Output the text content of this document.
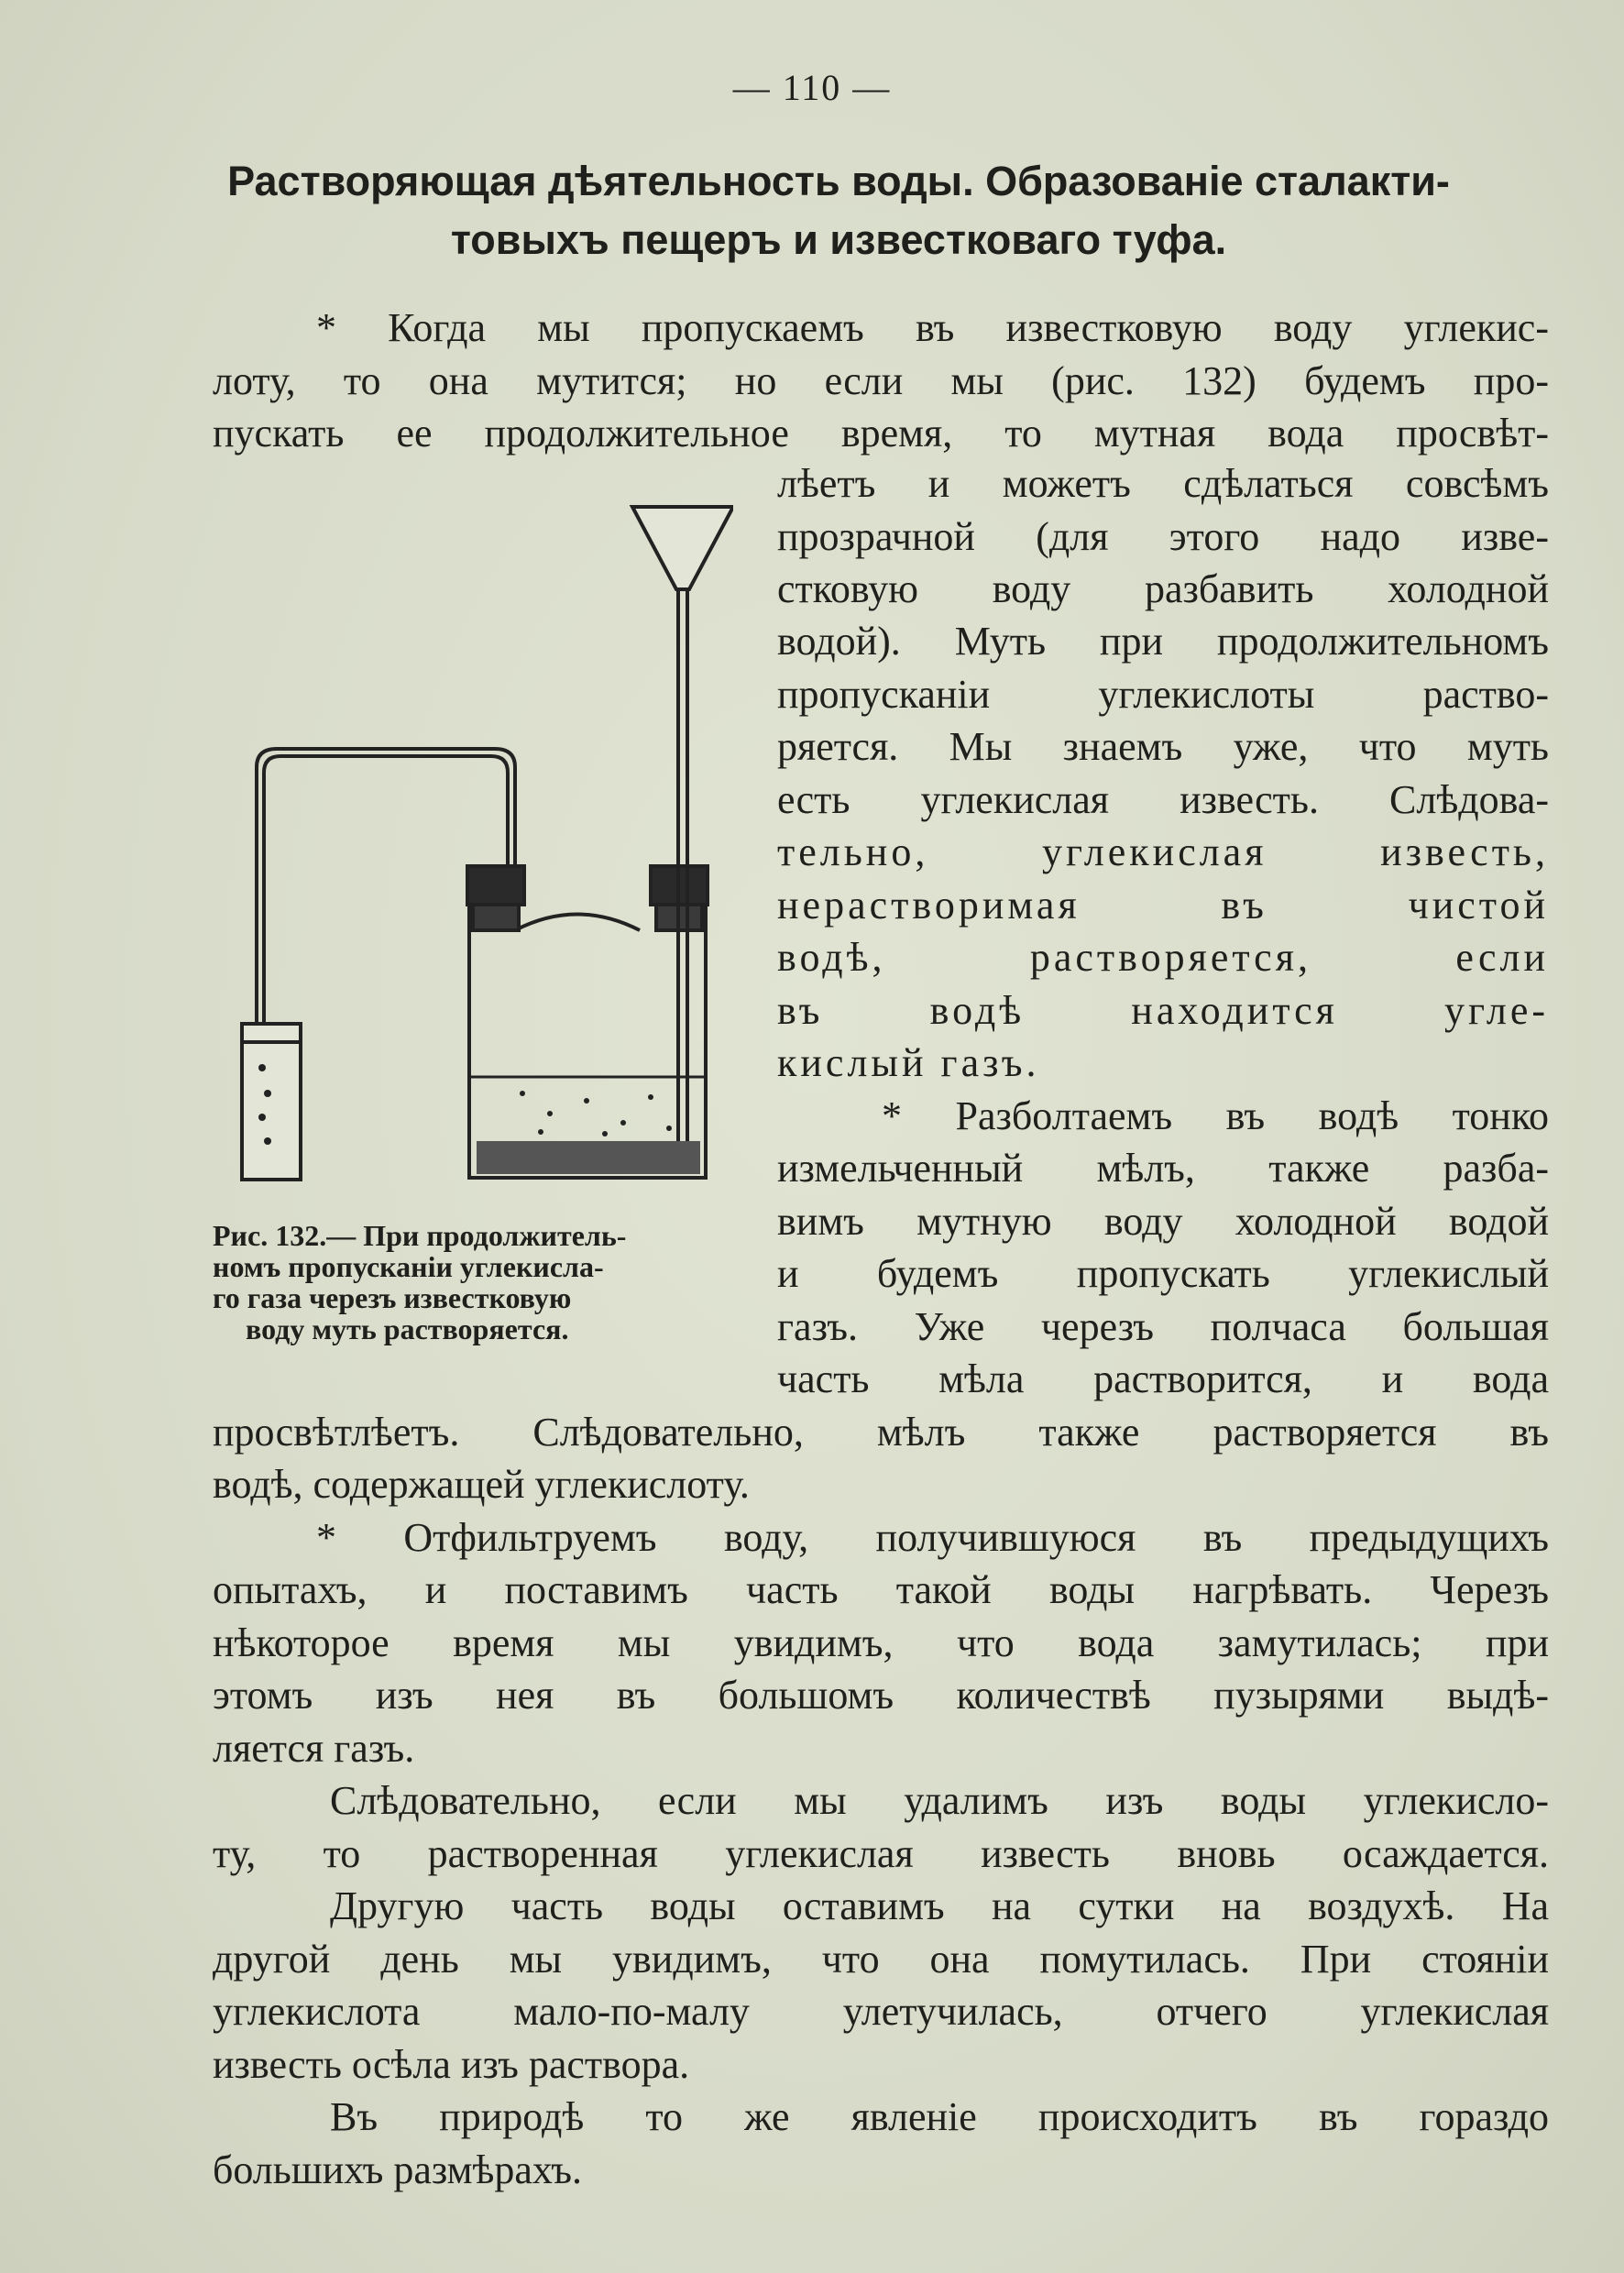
— 110 —

Растворяющая дѣятельность воды. Образованіе сталакти-

товыхъ пещеръ и известковаго туфа.

* Когда мы пропускаемъ въ известковую воду углекис-

лоту, то она мутится; но если мы (рис. 132) будемъ про-

пускать ее продолжительное время, то мутная вода просвѣт-

лѣетъ и можетъ сдѣлаться совсѣмъ

прозрачной (для этого надо изве-

стковую воду разбавить холодной

водой). Муть при продолжительномъ

пропусканіи углекислоты раство-

ряется. Мы знаемъ уже, что муть

есть углекислая известь. Слѣдова-

тельно, углекислая известь,

нерастворимая въ чистой

водѣ, растворяется, если

въ водѣ находится угле-

кислый газъ.

* Разболтаемъ въ водѣ тонко

измельченный мѣлъ, также разба-

вимъ мутную воду холодной водой

и будемъ пропускать углекислый

газъ. Уже черезъ полчаса большая

часть мѣла растворится, и вода

Рис. 132.— При продолжитель-

номъ пропусканіи углекисла-

го газа черезъ известковую

воду муть растворяется.

просвѣтлѣетъ. Слѣдовательно, мѣлъ также растворяется въ

водѣ, содержащей углекислоту.

* Отфильтруемъ воду, получившуюся въ предыдущихъ

опытахъ, и поставимъ часть такой воды нагрѣвать. Черезъ

нѣкоторое время мы увидимъ, что вода замутилась; при

этомъ изъ нея въ большомъ количествѣ пузырями выдѣ-

ляется газъ.

Слѣдовательно, если мы удалимъ изъ воды углекисло-

ту, то растворенная углекислая известь вновь осаждается.

Другую часть воды оставимъ на сутки на воздухѣ. На

другой день мы увидимъ, что она помутилась. При стояніи

углекислота мало-по-малу улетучилась, отчего углекислая

известь осѣла изъ раствора.

Въ природѣ то же явленіе происходитъ въ гораздо

большихъ размѣрахъ.
